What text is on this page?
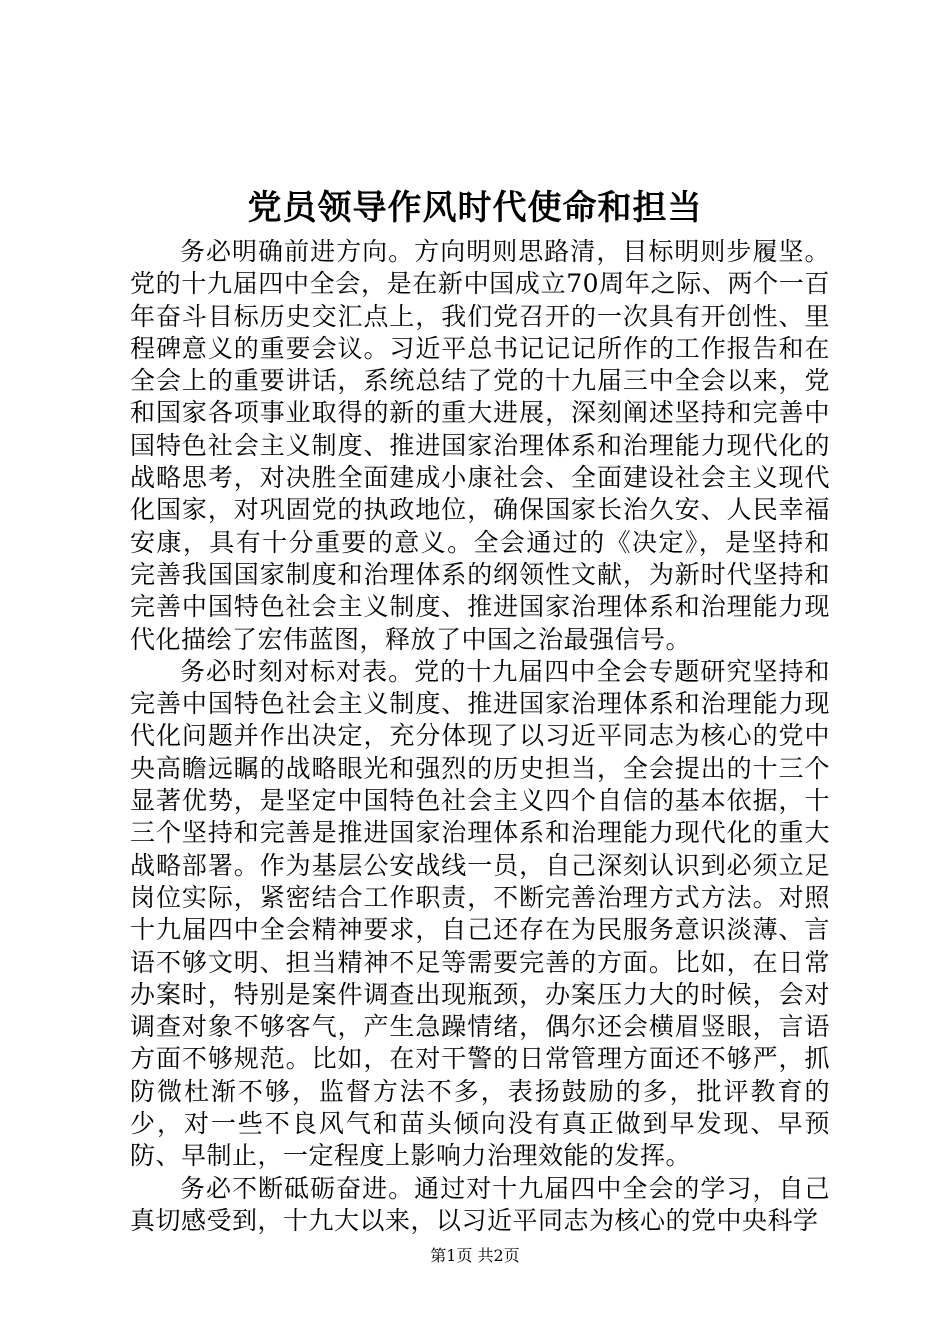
党员领导作风时代使命和担当

务必明确前进方向。方向明则思路清，目标明则步履坚。党的十九届四中全会，是在新中国成立70周年之际、两个一百年奋斗目标历史交汇点上，我们党召开的一次具有开创性、里程碑意义的重要会议。习近平总书记记记所作的工作报告和在全会上的重要讲话，系统总结了党的十九届三中全会以来，党和国家各项事业取得的新的重大进展，深刻阐述坚持和完善中国特色社会主义制度、推进国家治理体系和治理能力现代化的战略思考，对决胜全面建成小康社会、全面建设社会主义现代化国家，对巩固党的执政地位，确保国家长治久安、人民幸福安康，具有十分重要的意义。全会通过的《决定》，是坚持和完善我国国家制度和治理体系的纲领性文献，为新时代坚持和完善中国特色社会主义制度、推进国家治理体系和治理能力现代化描绘了宏伟蓝图，释放了中国之治最强信号。

务必时刻对标对表。党的十九届四中全会专题研究坚持和完善中国特色社会主义制度、推进国家治理体系和治理能力现代化问题并作出决定，充分体现了以习近平同志为核心的党中央高瞻远瞩的战略眼光和强烈的历史担当，全会提出的十三个显著优势，是坚定中国特色社会主义四个自信的基本依据，十三个坚持和完善是推进国家治理体系和治理能力现代化的重大战略部署。作为基层公安战线一员，自己深刻认识到必须立足岗位实际，紧密结合工作职责，不断完善治理方式方法。对照十九届四中全会精神要求，自己还存在为民服务意识淡薄、言语不够文明、担当精神不足等需要完善的方面。比如，在日常办案时，特别是案件调查出现瓶颈，办案压力大的时候，会对调查对象不够客气，产生急躁情绪，偶尔还会横眉竖眼，言语方面不够规范。比如，在对干警的日常管理方面还不够严，抓防微杜渐不够，监督方法不多，表扬鼓励的多，批评教育的少，对一些不良风气和苗头倾向没有真正做到早发现、早预防、早制止，一定程度上影响力治理效能的发挥。

务必不断砥砺奋进。通过对十九届四中全会的学习，自己真切感受到，十九大以来，以习近平同志为核心的党中央科学

第1页 共2页
